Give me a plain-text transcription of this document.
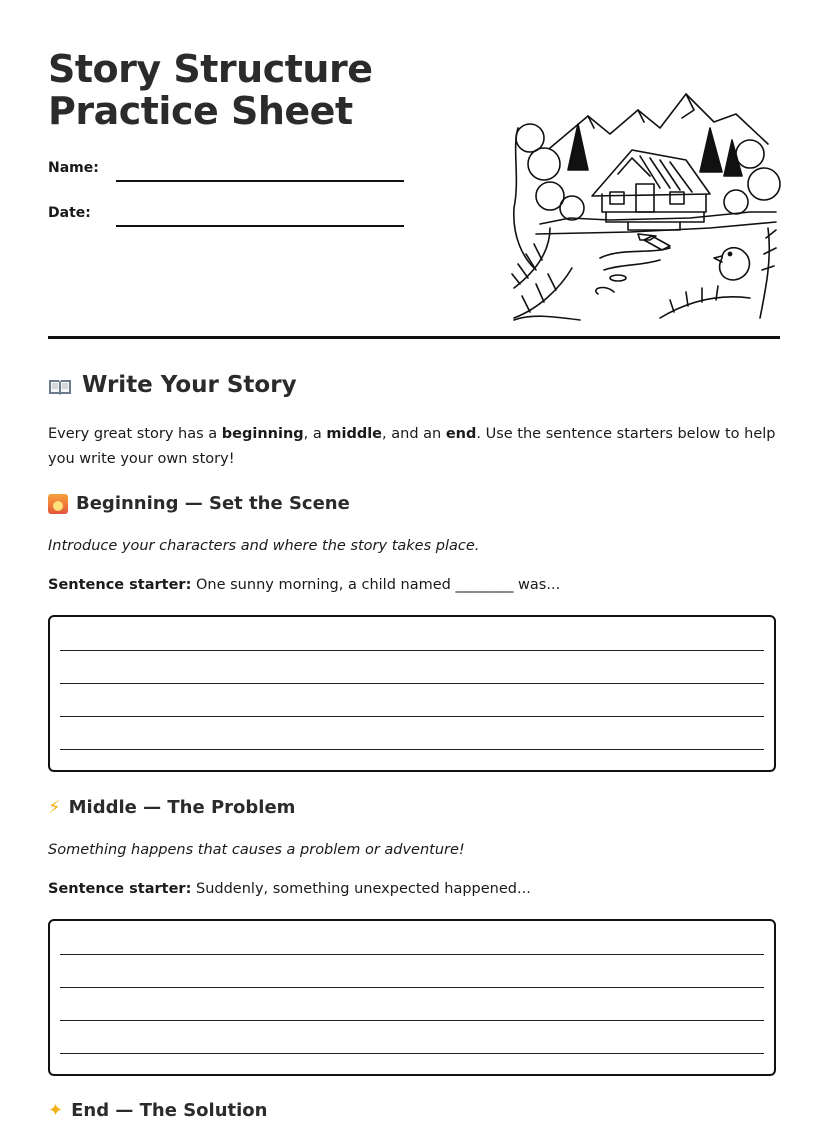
Story Structure Practice Sheet
Name:
Date:
Write Your Story

Every great story has a beginning, a middle, and an end. Use the sentence starters below to help you write your own story!

Beginning — Set the Scene

Introduce your characters and where the story takes place.

Sentence starter: One sunny morning, a child named ________ was...

⚡ Middle — The Problem

Something happens that causes a problem or adventure!

Sentence starter: Suddenly, something unexpected happened...

✦ End — The Solution
